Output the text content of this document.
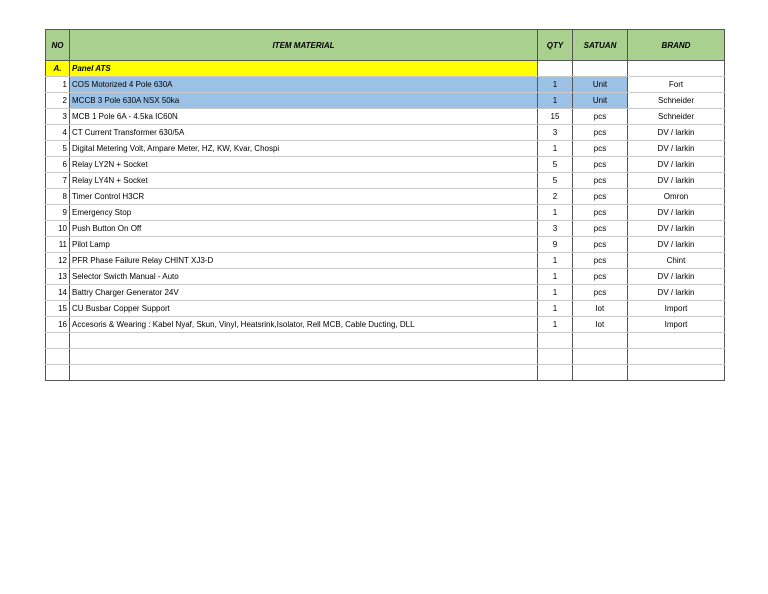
NO	ITEM MATERIAL	QTY	SATUAN	BRAND
A.	Panel ATS			
1	COS Motorized 4 Pole 630A	1	Unit	Fort
2	MCCB 3 Pole 630A NSX 50ka	1	Unit	Schneider
3	MCB 1 Pole 6A - 4.5ka IC60N	15	pcs	Schneider
4	CT Current Transformer 630/5A	3	pcs	DV / larkin
5	Digital Metering Volt, Ampare Meter, HZ, KW, Kvar, Chospi	1	pcs	DV / larkin
6	Relay LY2N + Socket	5	pcs	DV / larkin
7	Relay LY4N + Socket	5	pcs	DV / larkin
8	Timer Control H3CR	2	pcs	Omron
9	Emergency Stop	1	pcs	DV / larkin
10	Push Button On Off	3	pcs	DV / larkin
11	Pilot Lamp	9	pcs	DV / larkin
12	PFR Phase Failure Relay CHINT XJ3-D	1	pcs	Chint
13	Selector Swicth Manual - Auto	1	pcs	DV / larkin
14	Battry Charger Generator 24V	1	pcs	DV / larkin
15	CU Busbar Copper Support	1	lot	Import
16	Accesoris & Wearing : Kabel Nyaf, Skun, Vinyl, Heatsrink,Isolator, Rell MCB, Cable Ducting, DLL	1	lot	Import
